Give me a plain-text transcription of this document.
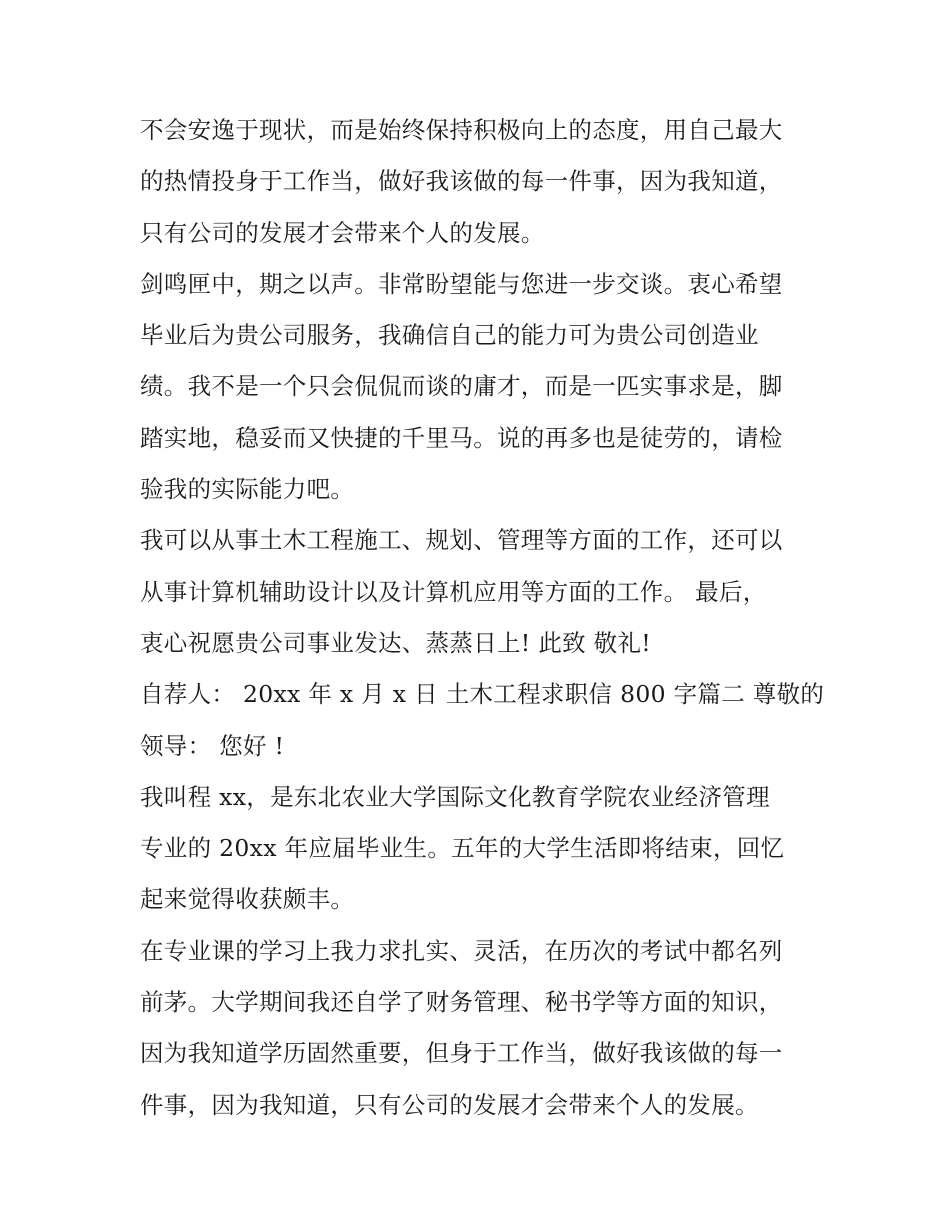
不会安逸于现状，而是始终保持积极向上的态度，用自己最大
的热情投身于工作当，做好我该做的每一件事，因为我知道，
只有公司的发展才会带来个人的发展。
剑鸣匣中，期之以声。非常盼望能与您进一步交谈。衷心希望
毕业后为贵公司服务，我确信自己的能力可为贵公司创造业
绩。我不是一个只会侃侃而谈的庸才，而是一匹实事求是，脚
踏实地，稳妥而又快捷的千里马。说的再多也是徒劳的，请检
验我的实际能力吧。
我可以从事土木工程施工、规划、管理等方面的工作，还可以
从事计算机辅助设计以及计算机应用等方面的工作。 最后，
衷心祝愿贵公司事业发达、蒸蒸日上! 此致 敬礼!
自荐人： 20xx 年 x 月 x 日 土木工程求职信 800 字篇二 尊敬的
领导： 您好 !
我叫程 xx，是东北农业大学国际文化教育学院农业经济管理
专业的 20xx 年应届毕业生。五年的大学生活即将结束，回忆
起来觉得收获颇丰。
在专业课的学习上我力求扎实、灵活，在历次的考试中都名列
前茅。大学期间我还自学了财务管理、秘书学等方面的知识，
因为我知道学历固然重要，但身于工作当，做好我该做的每一
件事，因为我知道，只有公司的发展才会带来个人的发展。
